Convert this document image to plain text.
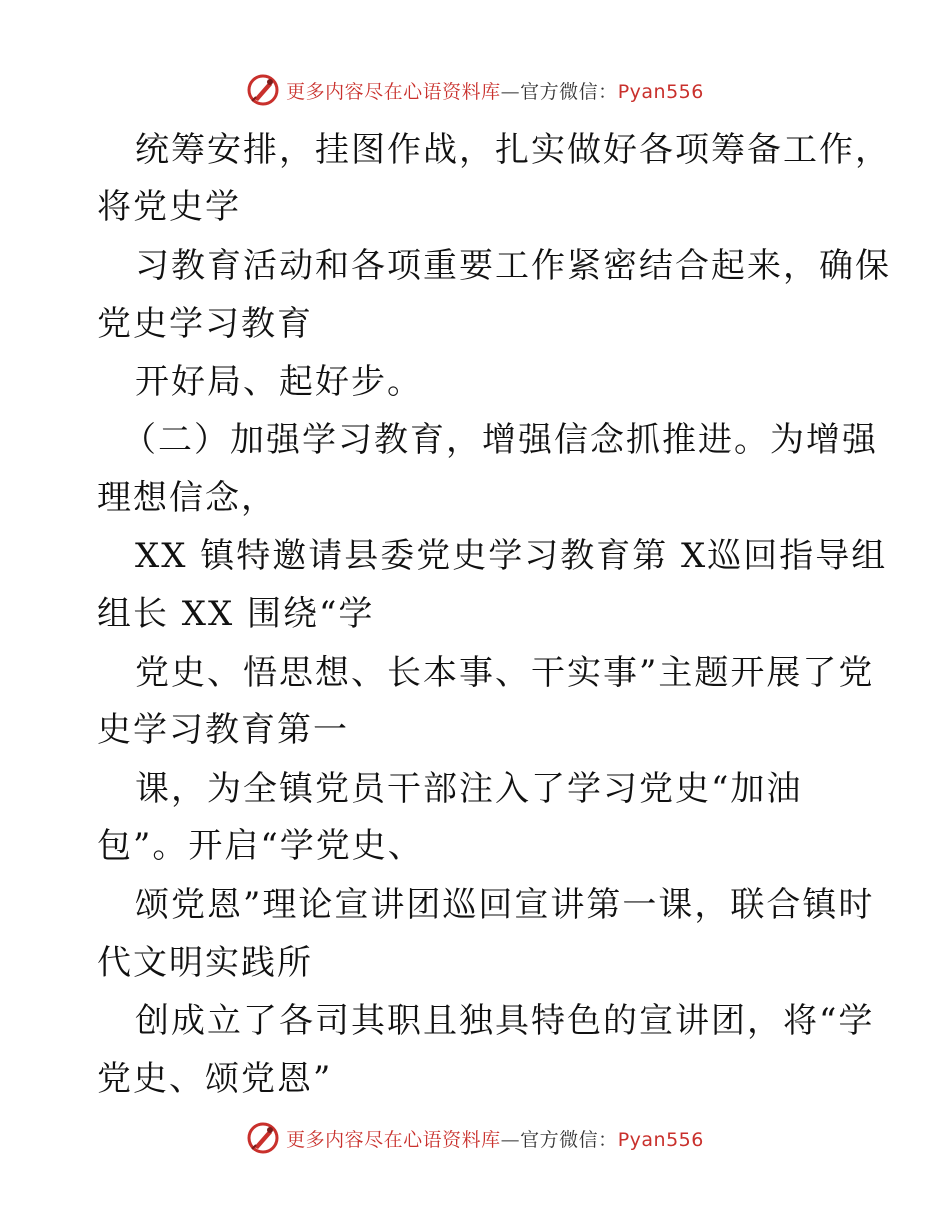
更多内容尽在心语资料库—官方微信：Pyan556
统筹安排，挂图作战，扎实做好各项筹备工作，
将党史学
习教育活动和各项重要工作紧密结合起来，确保
党史学习教育
开好局、起好步。
（二）加强学习教育，增强信念抓推进。为增强
理想信念，
XX 镇特邀请县委党史学习教育第 X巡回指导组
组长 XX 围绕“学
党史、悟思想、长本事、干实事”主题开展了党
史学习教育第一
课，为全镇党员干部注入了学习党史“加油
包”。开启“学党史、
颂党恩”理论宣讲团巡回宣讲第一课，联合镇时
代文明实践所
创成立了各司其职且独具特色的宣讲团，将“学
党史、颂党恩”
更多内容尽在心语资料库—官方微信：Pyan556
